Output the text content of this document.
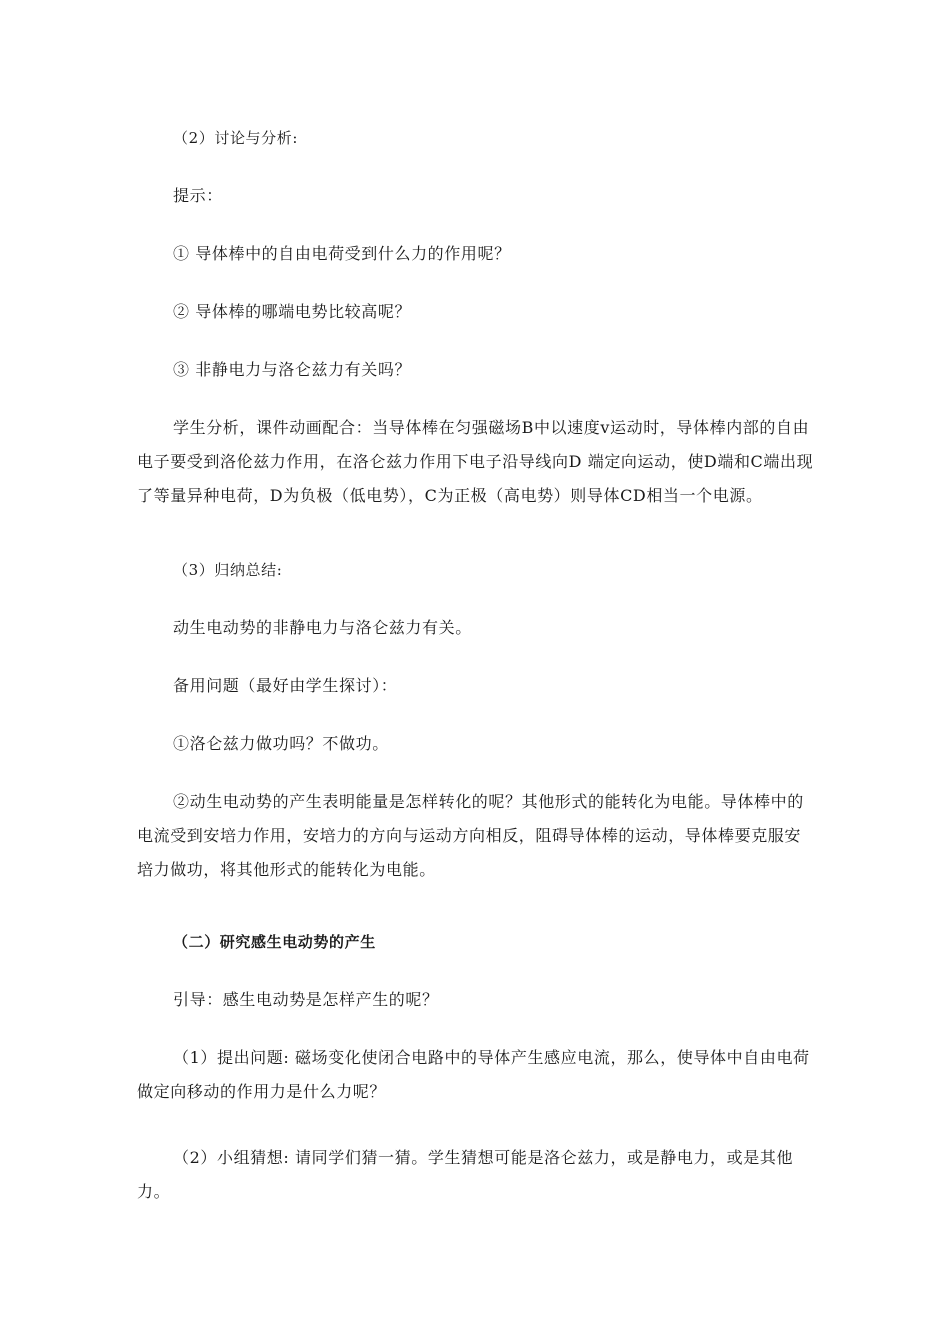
（2）讨论与分析:

提示：

① 导体棒中的自由电荷受到什么力的作用呢？

② 导体棒的哪端电势比较高呢？

③ 非静电力与洛仑兹力有关吗？

学生分析，课件动画配合：当导体棒在匀强磁场B中以速度v运动时，导体棒内部的自由电子要受到洛伦兹力作用，在洛仑兹力作用下电子沿导线向D 端定向运动，使D端和C端出现了等量异种电荷，D为负极（低电势），C为正极（高电势）则导体CD相当一个电源。

（3）归纳总结:

动生电动势的非静电力与洛仑兹力有关。

备用问题（最好由学生探讨）：

①洛仑兹力做功吗？不做功。

②动生电动势的产生表明能量是怎样转化的呢？其他形式的能转化为电能。导体棒中的电流受到安培力作用，安培力的方向与运动方向相反，阻碍导体棒的运动，导体棒要克服安培力做功，将其他形式的能转化为电能。

（二）研究感生电动势的产生

引导：感生电动势是怎样产生的呢？

（1）提出问题: 磁场变化使闭合电路中的导体产生感应电流，那么，使导体中自由电荷做定向移动的作用力是什么力呢？

（2）小组猜想: 请同学们猜一猜。学生猜想可能是洛仑兹力，或是静电力，或是其他力。
